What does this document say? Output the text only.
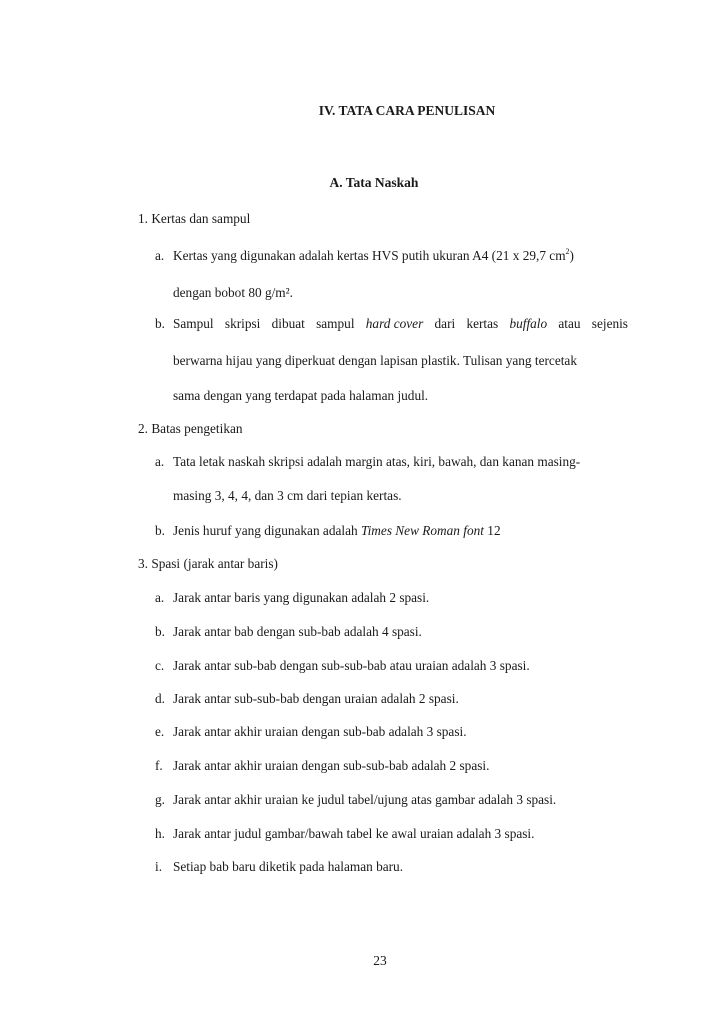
IV. TATA CARA PENULISAN
A. Tata Naskah
1. Kertas dan sampul
a. Kertas yang digunakan adalah kertas HVS putih ukuran A4 (21 x 29,7 $cm^2$)
dengan bobot 80 g/m².
b. Sampul skripsi dibuat sampul hard cover dari kertas buffalo atau sejenis
berwarna hijau yang diperkuat dengan lapisan plastik. Tulisan yang tercetak
sama dengan yang terdapat pada halaman judul.
2. Batas pengetikan
a. Tata letak naskah skripsi adalah margin atas, kiri, bawah, dan kanan masing-
masing 3, 4, 4, dan 3 cm dari tepian kertas.
b. Jenis huruf yang digunakan adalah Times New Roman font 12
3. Spasi (jarak antar baris)
a. Jarak antar baris yang digunakan adalah 2 spasi.
b. Jarak antar bab dengan sub-bab adalah 4 spasi.
c. Jarak antar sub-bab dengan sub-sub-bab atau uraian adalah 3 spasi.
d. Jarak antar sub-sub-bab dengan uraian adalah 2 spasi.
e. Jarak antar akhir uraian dengan sub-bab adalah 3 spasi.
f. Jarak antar akhir uraian dengan sub-sub-bab adalah 2 spasi.
g. Jarak antar akhir uraian ke judul tabel/ujung atas gambar adalah 3 spasi.
h. Jarak antar judul gambar/bawah tabel ke awal uraian adalah 3 spasi.
i. Setiap bab baru diketik pada halaman baru.
23
